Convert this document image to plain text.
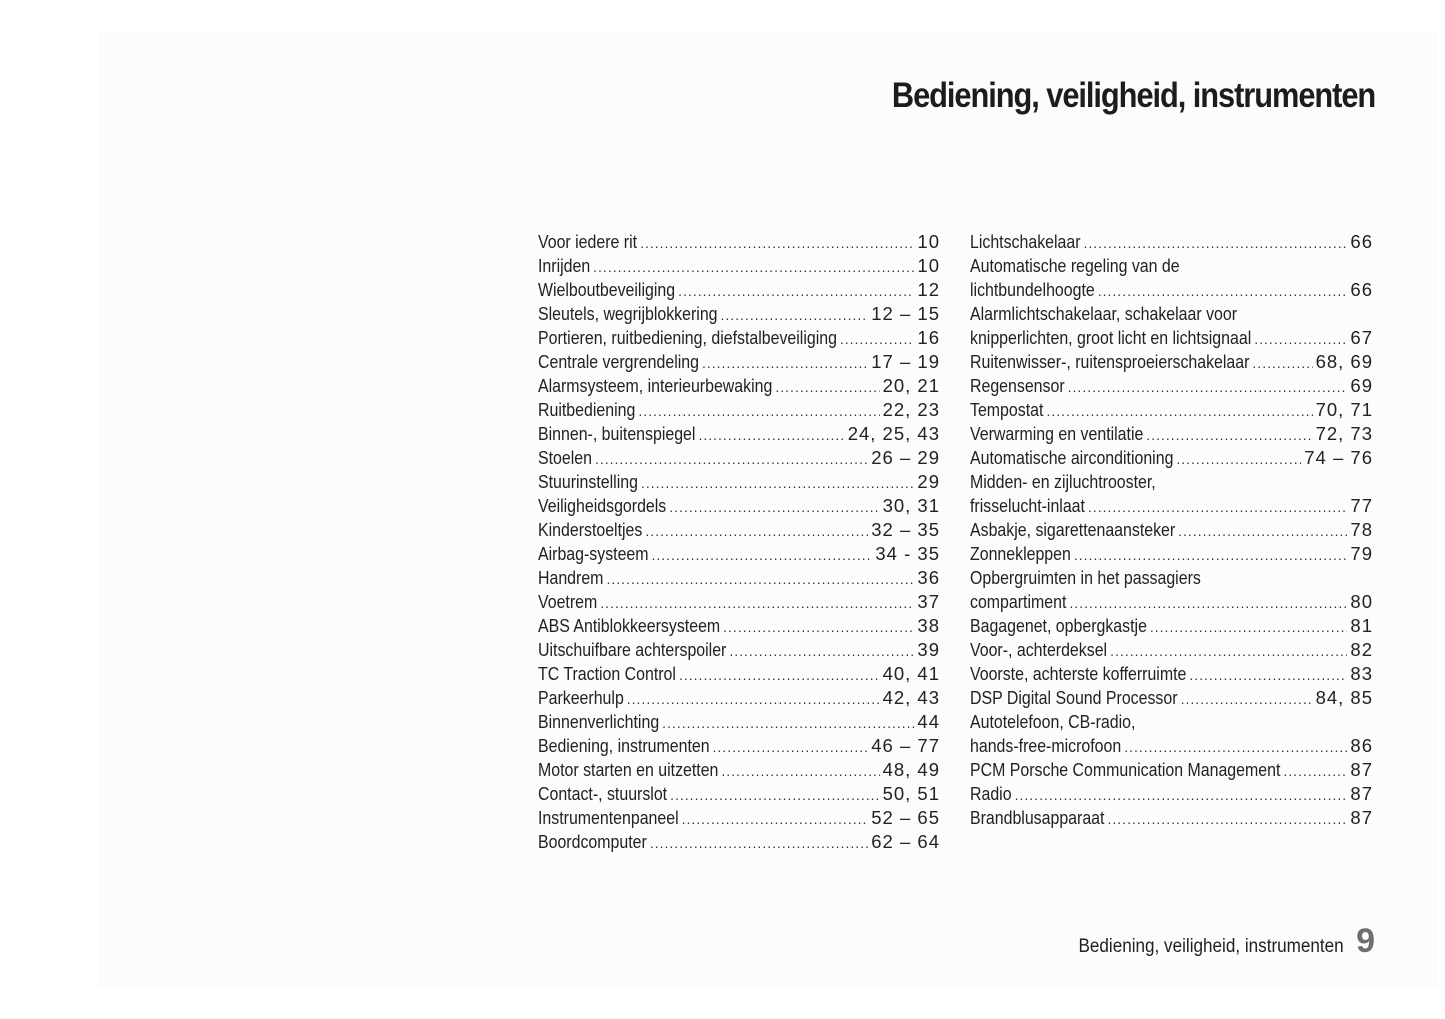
Bediening, veiligheid, instrumenten
Voor iedere rit .....	10
Inrijden .....	10
Wielboutbeveiliging .....	12
Sleutels, wegrijblokkering .....	12 – 15
Portieren, ruitbediening, diefstalbeveiliging .....	16
Centrale vergrendeling .....	17 – 19
Alarmsysteem, interieurbewaking .....	20, 21
Ruitbediening .....	22, 23
Binnen-, buitenspiegel .....	24, 25, 43
Stoelen .....	26 – 29
Stuurinstelling .....	29
Veiligheidsgordels .....	30, 31
Kinderstoeltjes .....	32 – 35
Airbag-systeem .....	34 - 35
Handrem .....	36
Voetrem .....	37
ABS Antiblokkeersysteem .....	38
Uitschuifbare achterspoiler .....	39
TC Traction Control .....	40, 41
Parkeerhulp .....	42, 43
Binnenverlichting .....	44
Bediening, instrumenten .....	46 – 77
Motor starten en uitzetten .....	48, 49
Contact-, stuurslot .....	50, 51
Instrumentenpaneel .....	52 – 65
Boordcomputer .....	62 – 64
Lichtschakelaar .....	66
Automatische regeling van de
lichtbundelhoogte .....	66
Alarmlichtschakelaar, schakelaar voor
knipperlichten, groot licht en lichtsignaal .....	67
Ruitenwisser-, ruitensproeierschakelaar .....	68, 69
Regensensor .....	69
Tempostat .....	70, 71
Verwarming en ventilatie .....	72, 73
Automatische airconditioning .....	74 – 76
Midden- en zijluchtrooster,
frisselucht-inlaat .....	77
Asbakje, sigarettenaansteker .....	78
Zonnekleppen .....	79
Opbergruimten in het passagiers
compartiment .....	80
Bagagenet, opbergkastje .....	81
Voor-, achterdeksel .....	82
Voorste, achterste kofferruimte .....	83
DSP Digital Sound Processor .....	84, 85
Autotelefoon, CB-radio,
hands-free-microfoon .....	86
PCM Porsche Communication Management .....	87
Radio .....	87
Brandblusapparaat .....	87
Bediening, veiligheid, instrumenten 9
